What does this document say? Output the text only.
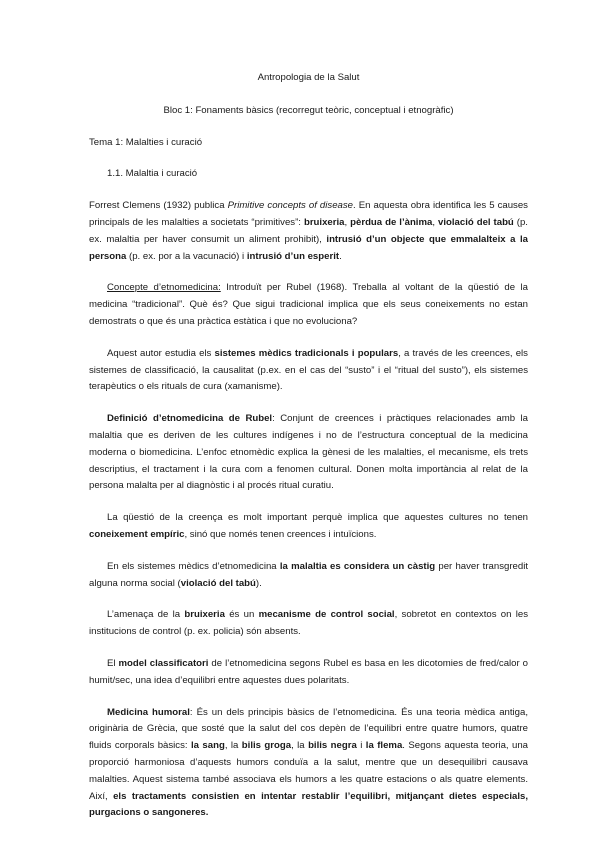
Antropologia de la Salut

Bloc 1: Fonaments bàsics (recorregut teòric, conceptual i etnogràfic)

Tema 1: Malalties i curació

1.1. Malaltia i curació

Forrest Clemens (1932) publica Primitive concepts of disease. En aquesta obra identifica les 5 causes principals de les malalties a societats “primitives”: bruixeria, pèrdua de l’ànima, violació del tabú (p. ex. malaltia per haver consumit un aliment prohibit), intrusió d’un objecte que emmalalteix a la persona (p. ex. por a la vacunació) i intrusió d’un esperit.

Concepte d’etnomedicina: Introduït per Rubel (1968). Treballa al voltant de la qüestió de la medicina “tradicional”. Què és? Que sigui tradicional implica que els seus coneixements no estan demostrats o que és una pràctica estàtica i que no evoluciona?

Aquest autor estudia els sistemes mèdics tradicionals i populars, a través de les creences, els sistemes de classificació, la causalitat (p.ex. en el cas del “susto” i el “ritual del susto”), els sistemes terapèutics o els rituals de cura (xamanisme).

Definició d’etnomedicina de Rubel: Conjunt de creences i pràctiques relacionades amb la malaltia que es deriven de les cultures indígenes i no de l’estructura conceptual de la medicina moderna o biomedicina. L’enfoc etnomèdic explica la gènesi de les malalties, el mecanisme, els trets descriptius, el tractament i la cura com a fenomen cultural. Donen molta importància al relat de la persona malalta per al diagnòstic i al procés ritual curatiu.

La qüestió de la creença es molt important perquè implica que aquestes cultures no tenen coneixement empíric, sinó que només tenen creences i intuïcions.

En els sistemes mèdics d’etnomedicina la malaltia es considera un càstig per haver transgredit alguna norma social (violació del tabú).

L’amenaça de la bruixeria és un mecanisme de control social, sobretot en contextos on les institucions de control (p. ex. policia) són absents.

El model classificatori de l’etnomedicina segons Rubel es basa en les dicotomies de fred/calor o humit/sec, una idea d’equilibri entre aquestes dues polaritats.

Medicina humoral: És un dels principis bàsics de l’etnomedicina. És una teoria mèdica antiga, originària de Grècia, que sosté que la salut del cos depèn de l’equilibri entre quatre humors, quatre fluids corporals bàsics: la sang, la bilis groga, la bilis negra i la flema. Segons aquesta teoria, una proporció harmoniosa d’aquests humors conduïa a la salut, mentre que un desequilibri causava malalties. Aquest sistema també associava els humors a les quatre estacions o als quatre elements. Així, els tractaments consistien en intentar restablir l’equilibri, mitjançant dietes especials, purgacions o sangoneres.
